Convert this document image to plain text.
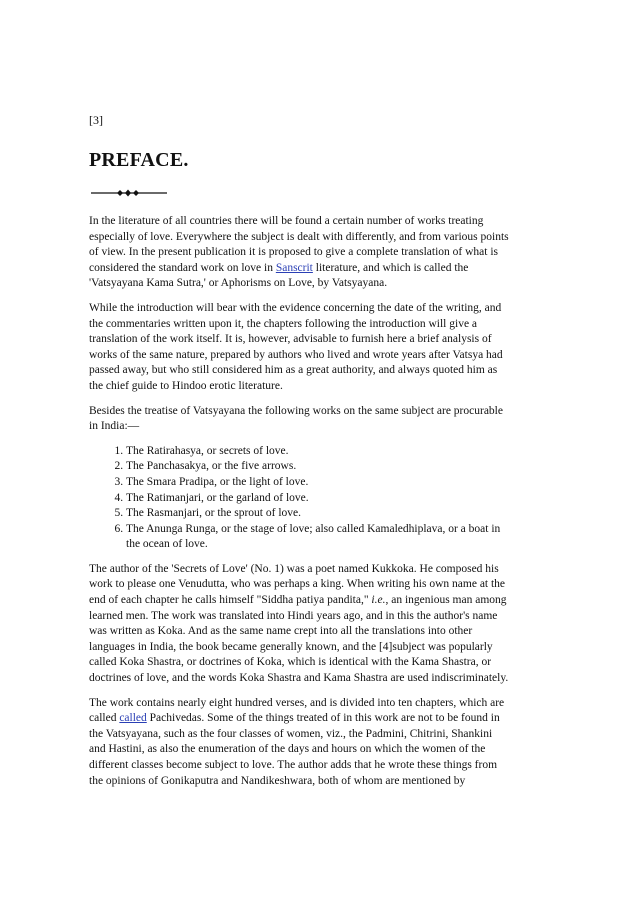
[3]
PREFACE.

In the literature of all countries there will be found a certain number of works treating
especially of love. Everywhere the subject is dealt with differently, and from various points
of view. In the present publication it is proposed to give a complete translation of what is
considered the standard work on love in Sanscrit literature, and which is called the
'Vatsyayana Kama Sutra,' or Aphorisms on Love, by Vatsyayana.

While the introduction will bear with the evidence concerning the date of the writing, and
the commentaries written upon it, the chapters following the introduction will give a
translation of the work itself. It is, however, advisable to furnish here a brief analysis of
works of the same nature, prepared by authors who lived and wrote years after Vatsya had
passed away, but who still considered him as a great authority, and always quoted him as
the chief guide to Hindoo erotic literature.

Besides the treatise of Vatsyayana the following works on the same subject are procurable
in India:—

1. The Ratirahasya, or secrets of love.
2. The Panchasakya, or the five arrows.
3. The Smara Pradipa, or the light of love.
4. The Ratimanjari, or the garland of love.
5. The Rasmanjari, or the sprout of love.
6. The Anunga Runga, or the stage of love; also called Kamaledhiplava, or a boat in
the ocean of love.

The author of the 'Secrets of Love' (No. 1) was a poet named Kukkoka. He composed his
work to please one Venudutta, who was perhaps a king. When writing his own name at the
end of each chapter he calls himself "Siddha patiya pandita," i.e., an ingenious man among
learned men. The work was translated into Hindi years ago, and in this the author's name
was written as Koka. And as the same name crept into all the translations into other
languages in India, the book became generally known, and the [4]subject was popularly
called Koka Shastra, or doctrines of Koka, which is identical with the Kama Shastra, or
doctrines of love, and the words Koka Shastra and Kama Shastra are used indiscriminately.

The work contains nearly eight hundred verses, and is divided into ten chapters, which are
called called Pachivedas. Some of the things treated of in this work are not to be found in
the Vatsyayana, such as the four classes of women, viz., the Padmini, Chitrini, Shankini
and Hastini, as also the enumeration of the days and hours on which the women of the
different classes become subject to love. The author adds that he wrote these things from
the opinions of Gonikaputra and Nandikeshwara, both of whom are mentioned by
